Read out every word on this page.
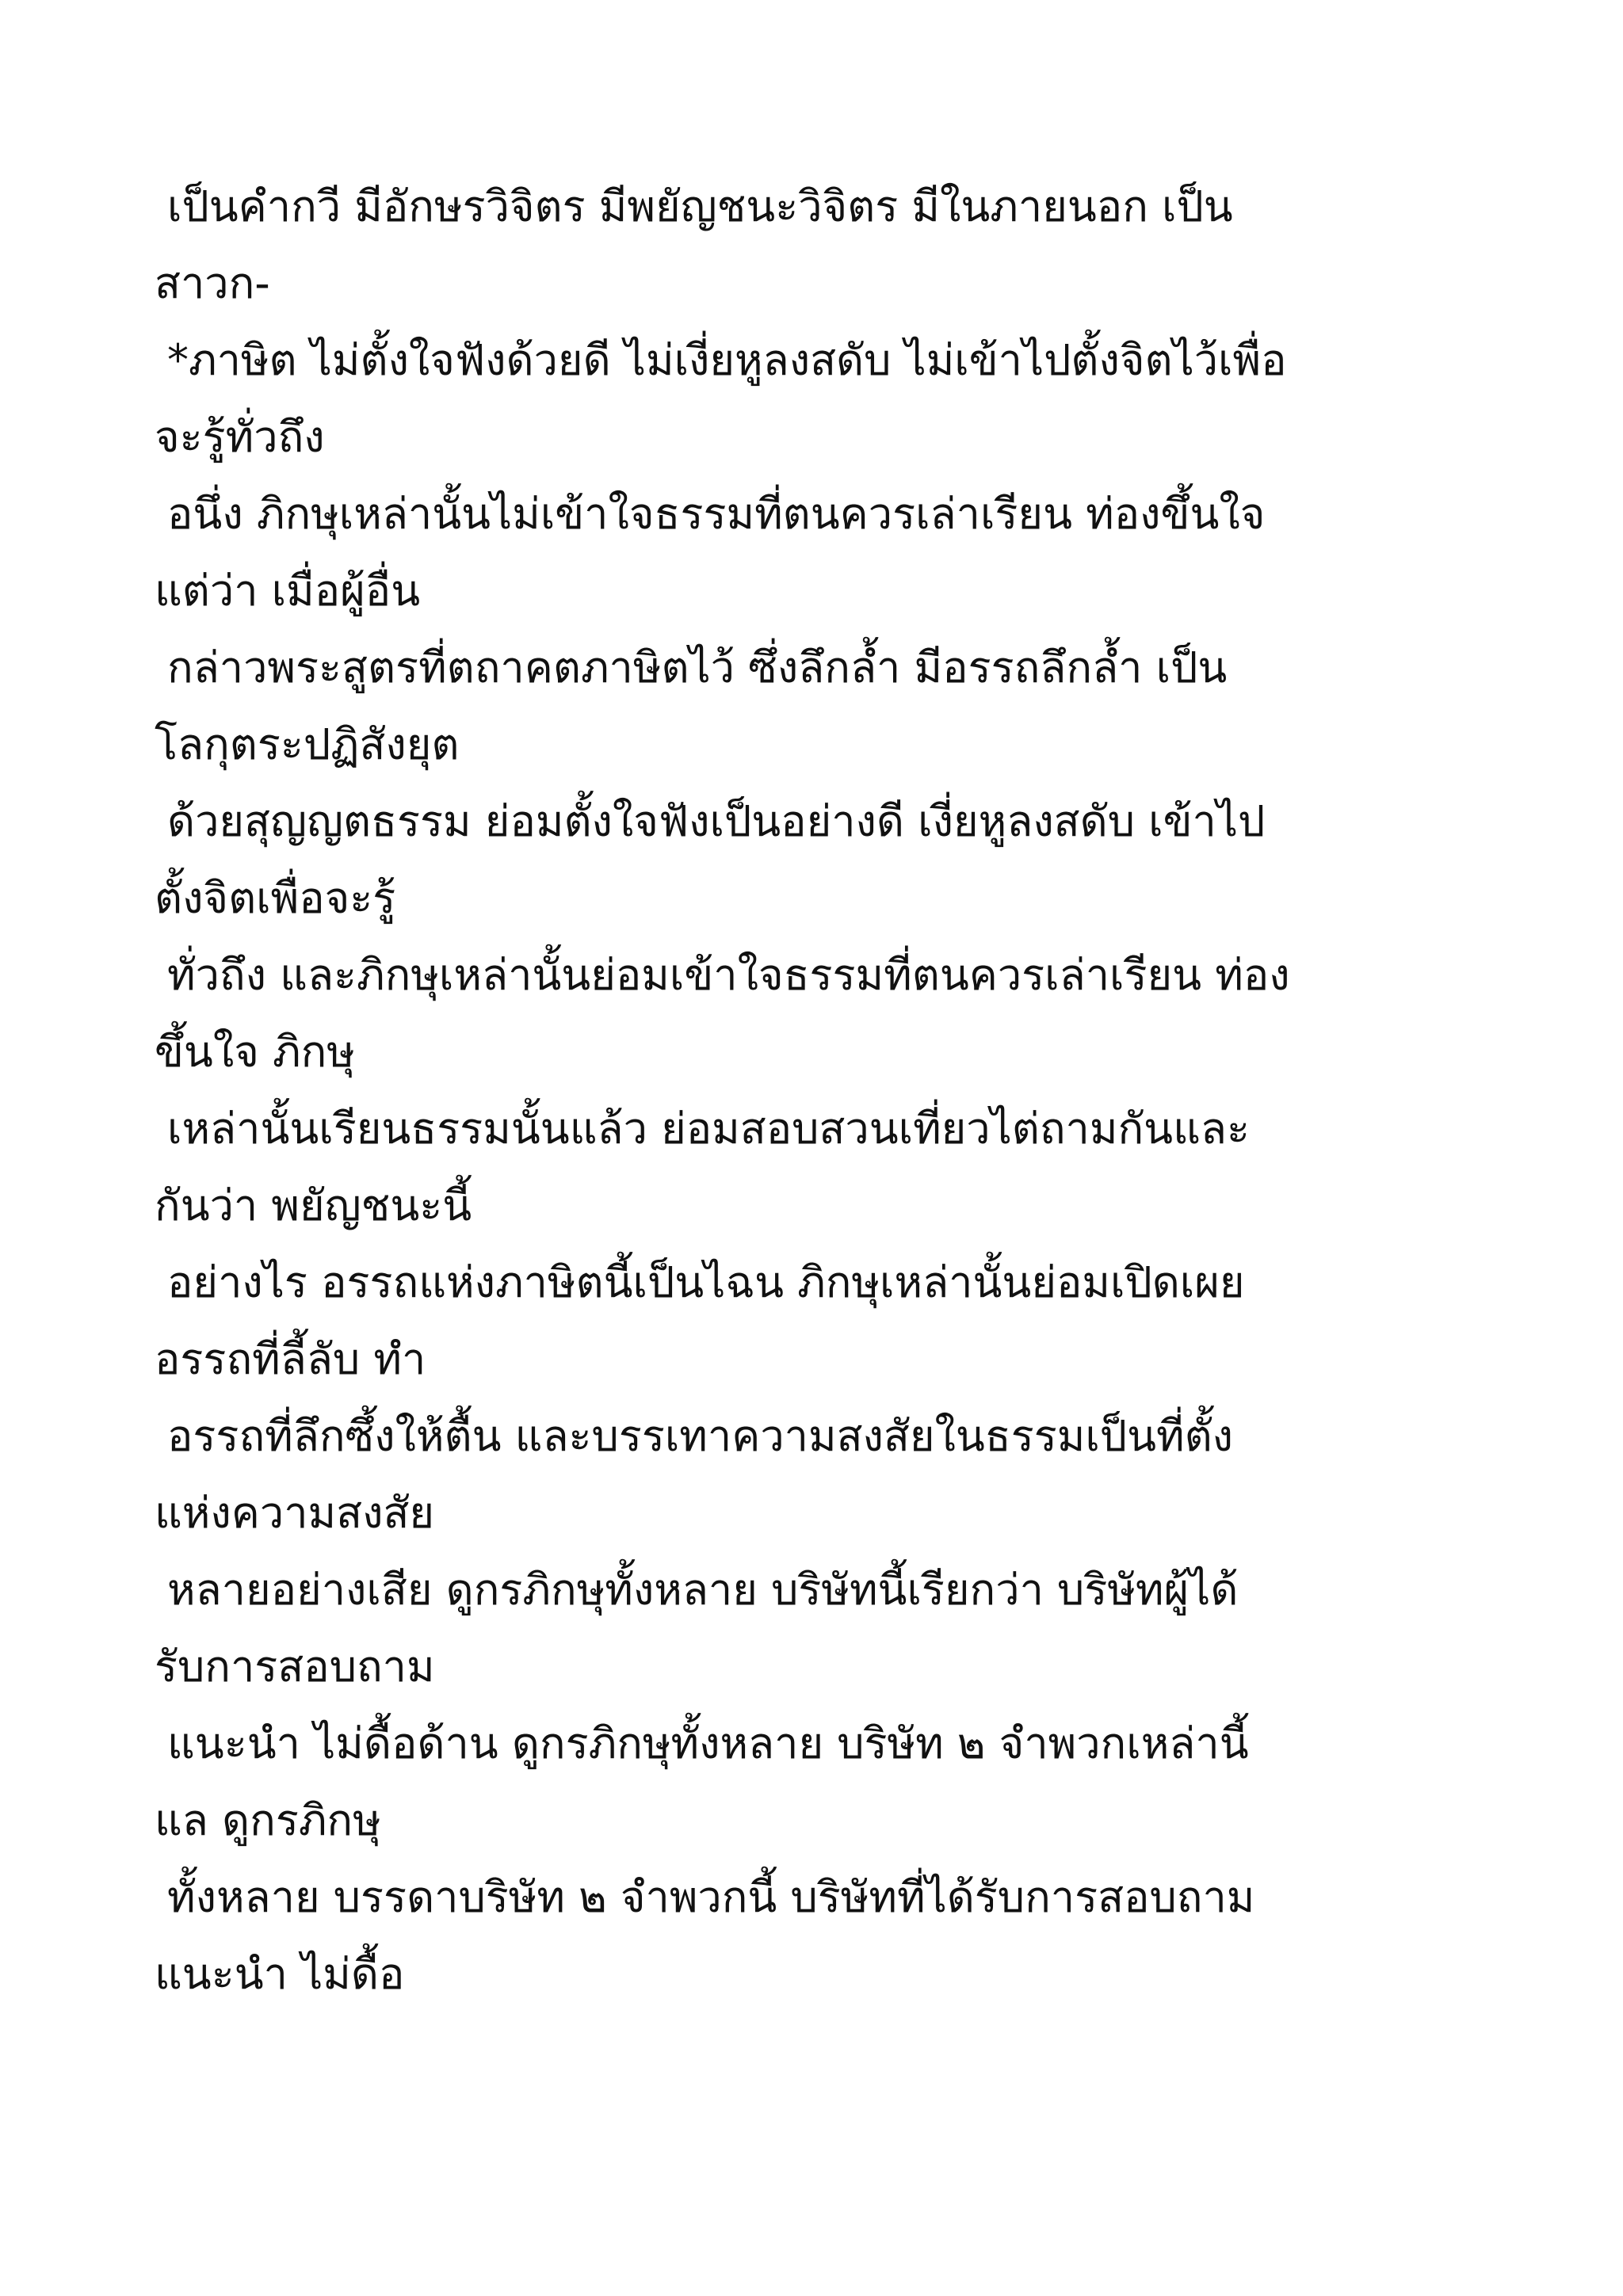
เป็นคำกวี มีอักษรวิจิตร มีพยัญชนะวิจิตร มีในภายนอก เป็น
สาวก-
*ภาษิต ไม่ตั้งใจฟังด้วยดี ไม่เงี่ยหูลงสดับ ไม่เข้าไปตั้งจิตไว้เพื่อ
จะรู้ทั่วถึง
อนึ่ง ภิกษุเหล่านั้นไม่เข้าใจธรรมที่ตนควรเล่าเรียน ท่องขึ้นใจ
แต่ว่า เมื่อผู้อื่น
กล่าวพระสูตรที่ตถาคตภาษิตไว้ ซึ่งลึกล้ำ มีอรรถลึกล้ำ เป็น
โลกุตระปฏิสังยุต
ด้วยสุญญตธรรม ย่อมตั้งใจฟังเป็นอย่างดี เงี่ยหูลงสดับ เข้าไป
ตั้งจิตเพื่อจะรู้
ทั่วถึง และภิกษุเหล่านั้นย่อมเข้าใจธรรมที่ตนควรเล่าเรียน ท่อง
ขึ้นใจ ภิกษุ
เหล่านั้นเรียนธรรมนั้นแล้ว ย่อมสอบสวนเที่ยวไต่ถามกันและ
กันว่า พยัญชนะนี้
อย่างไร อรรถแห่งภาษิตนี้เป็นไฉน ภิกษุเหล่านั้นย่อมเปิดเผย
อรรถที่ลี้ลับ ทำ
อรรถที่ลึกซึ้งให้ตื้น และบรรเทาความสงสัยในธรรมเป็นที่ตั้ง
แห่งความสงสัย
หลายอย่างเสีย ดูกรภิกษุทั้งหลาย บริษัทนี้เรียกว่า บริษัทผู้ได้
รับการสอบถาม
แนะนำ ไม่ดื้อด้าน ดูกรภิกษุทั้งหลาย บริษัท ๒ จำพวกเหล่านี้
แล ดูกรภิกษุ
ทั้งหลาย บรรดาบริษัท ๒ จำพวกนี้ บริษัทที่ได้รับการสอบถาม
แนะนำ ไม่ดื้อ
